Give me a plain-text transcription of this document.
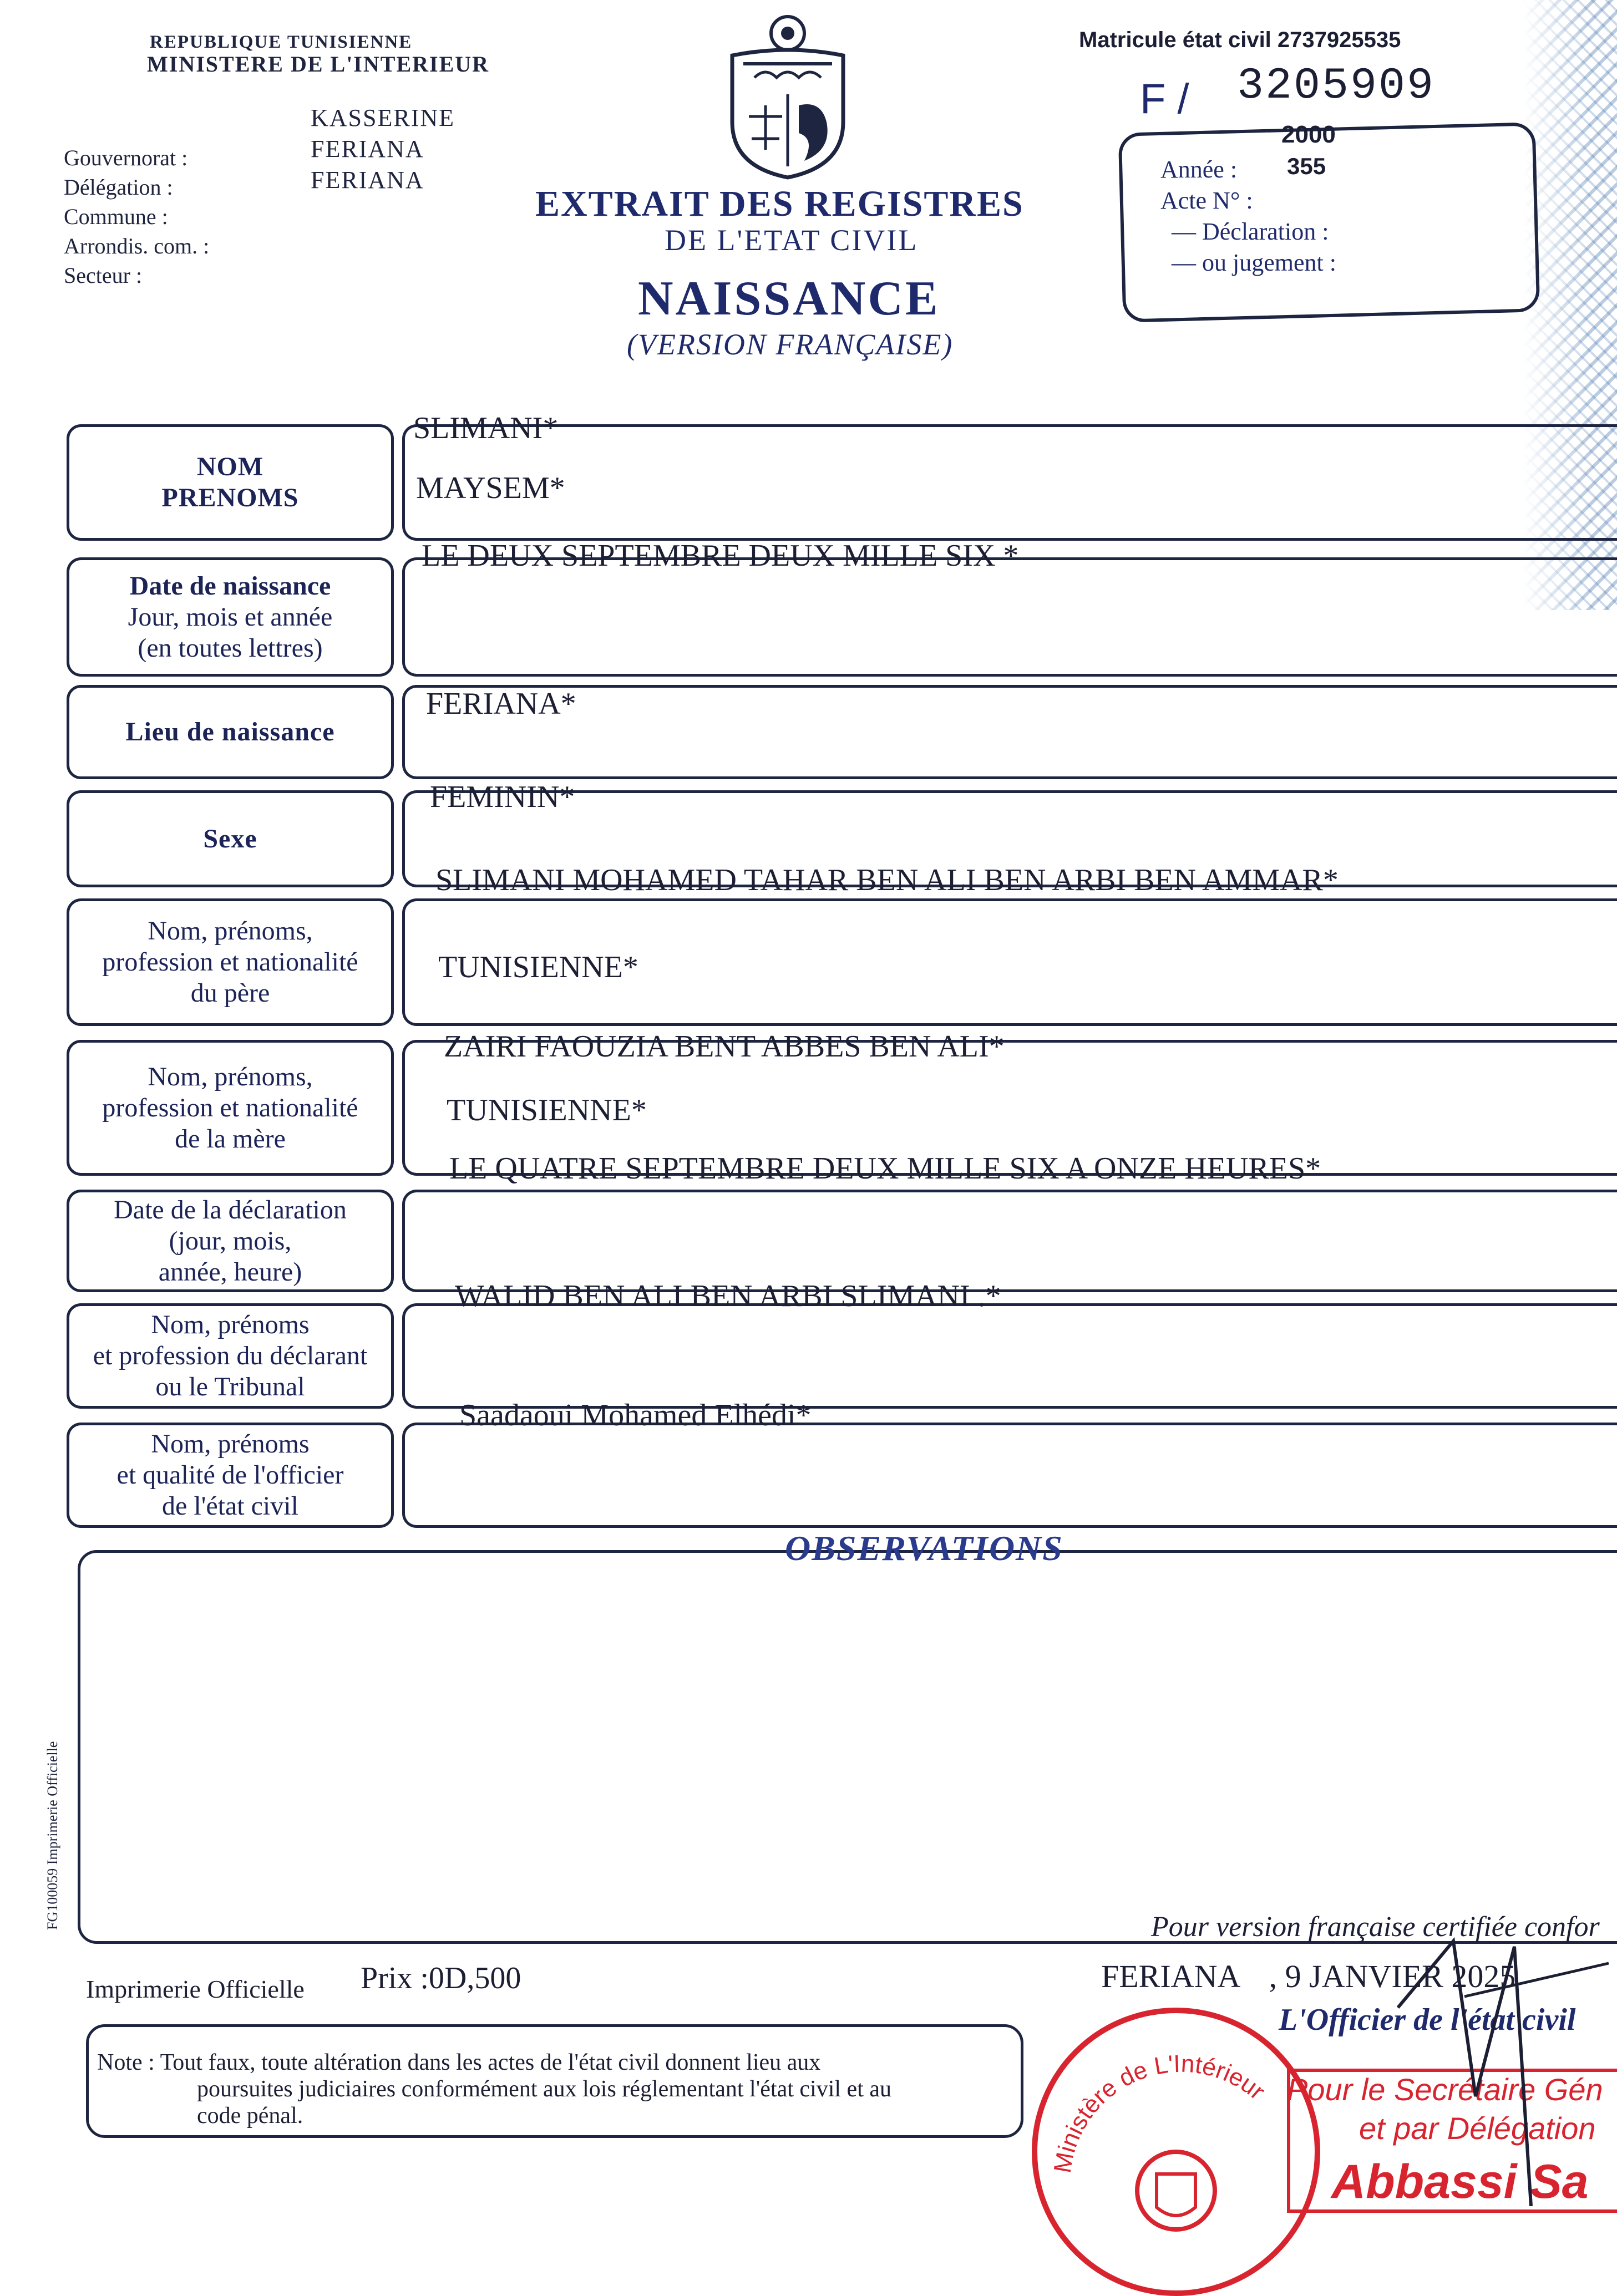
REPUBLIQUE TUNISIENNE
MINISTERE DE L'INTERIEUR
KASSERINE
FERIANA
FERIANA
Gouvernorat :
Délégation :
Commune :
Arrondis. com. :
Secteur :
EXTRAIT DES REGISTRES
DE L'ETAT CIVIL
NAISSANCE
(VERSION FRANÇAISE)
Matricule état civil 2737925535
F / 3205909
2000
Année :
Acte N° :
— Déclaration :
— ou jugement :
355
NOM
PRENOMS
SLIMANI*
MAYSEM*
Date de naissance
Jour, mois et année
(en toutes lettres)
LE DEUX SEPTEMBRE DEUX MILLE SIX *
Lieu de naissance
FERIANA*
Sexe
FEMININ*
Nom, prénoms,
profession et nationalité
du père
SLIMANI MOHAMED TAHAR BEN ALI BEN ARBI BEN AMMAR*
TUNISIENNE*
Nom, prénoms,
profession et nationalité
de la mère
ZAIRI FAOUZIA BENT ABBES BEN ALI*
TUNISIENNE*
Date de la déclaration
(jour, mois,
année, heure)
LE QUATRE SEPTEMBRE DEUX MILLE SIX A ONZE HEURES*
Nom, prénoms
et profession du déclarant
ou le Tribunal
WALID BEN ALI BEN ARBI SLIMANI .*
Nom, prénoms
et qualité de l'officier
de l'état civil
Saadaoui Mohamed Elhédi*
OBSERVATIONS
FG100059 Imprimerie Officielle	Pour version française certifiée confor
Imprimerie Officielle Prix :0D,500	FERIANA , 9 JANVIER 2025
L'Officier de l'état civil
Note : Tout faux, toute altération dans les actes de l'état civil donnent lieu aux
poursuites judiciaires conformément aux lois réglementant l'état civil et au
code pénal.
Ministère de L'Intérieur Pour le Secrétaire Gén
et par Délégation
Abbassi Sa
